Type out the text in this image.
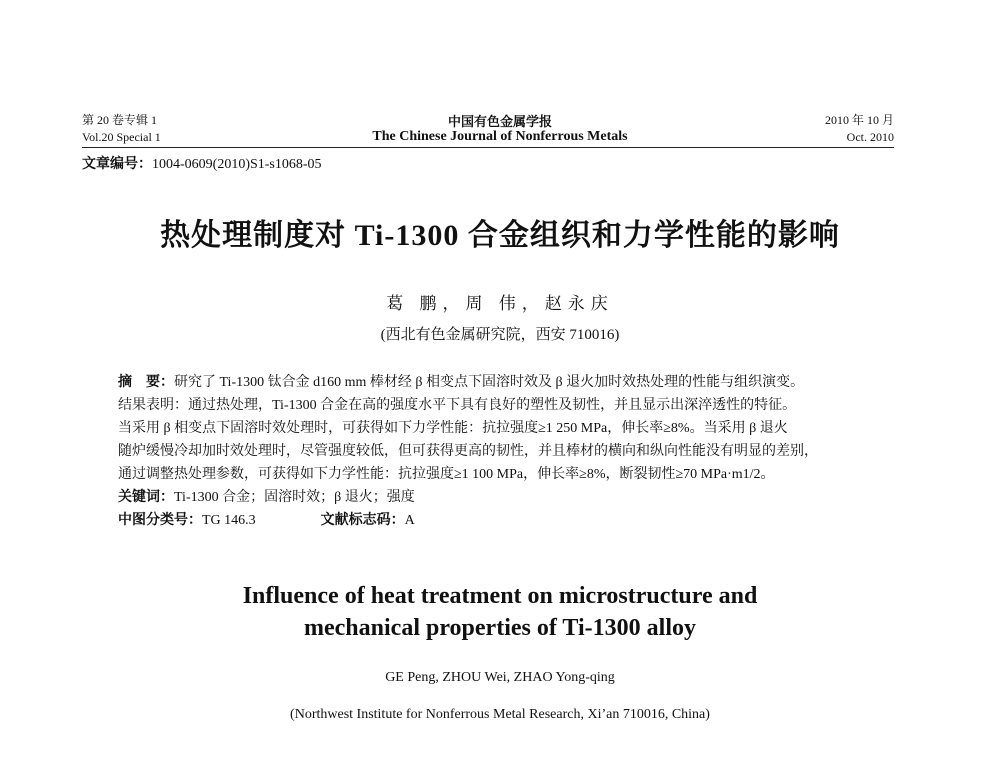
第 20 卷专辑 1
Vol.20 Special 1
中国有色金属学报
The Chinese Journal of Nonferrous Metals
2010 年 10 月
Oct. 2010
文章编号：1004-0609(2010)S1-s1068-05
热处理制度对 Ti-1300 合金组织和力学性能的影响
葛 鹏，周 伟，赵永庆
(西北有色金属研究院，西安 710016)
摘　要：研究了 Ti-1300 钛合金 d160 mm 棒材经 β 相变点下固溶时效及 β 退火加时效热处理的性能与组织演变。
结果表明：通过热处理，Ti-1300 合金在高的强度水平下具有良好的塑性及韧性，并且显示出深淬透性的特征。
当采用 β 相变点下固溶时效处理时，可获得如下力学性能：抗拉强度≥1 250 MPa，伸长率≥8%。当采用 β 退火
随炉缓慢冷却加时效处理时，尽管强度较低，但可获得更高的韧性，并且棒材的横向和纵向性能没有明显的差别，
通过调整热处理参数，可获得如下力学性能：抗拉强度≥1 100 MPa，伸长率≥8%，断裂韧性≥70 MPa·m1/2。
关键词：Ti-1300 合金；固溶时效；β 退火；强度
中图分类号：TG 146.3	文献标志码：A
Influence of heat treatment on microstructure and
mechanical properties of Ti-1300 alloy
GE Peng, ZHOU Wei, ZHAO Yong-qing
(Northwest Institute for Nonferrous Metal Research, Xi’an 710016, China)
